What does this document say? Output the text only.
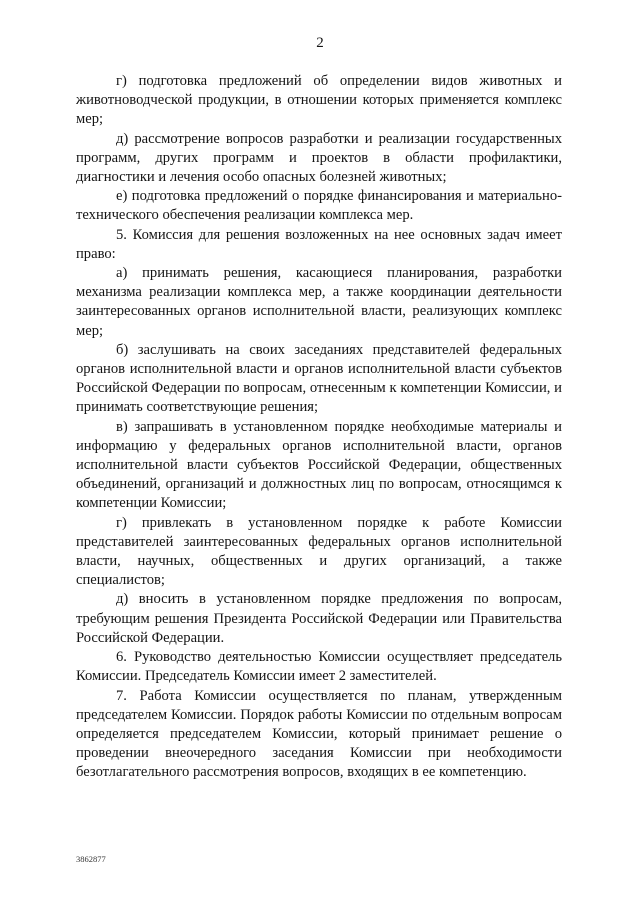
2

г) подготовка предложений об определении видов животных и животноводческой продукции, в отношении которых применяется комплекс мер;

д) рассмотрение вопросов разработки и реализации государственных программ, других программ и проектов в области профилактики, диагностики и лечения особо опасных болезней животных;

е) подготовка предложений о порядке финансирования и материально-технического обеспечения реализации комплекса мер.

5. Комиссия для решения возложенных на нее основных задач имеет право:

а) принимать решения, касающиеся планирования, разработки механизма реализации комплекса мер, а также координации деятельности заинтересованных органов исполнительной власти, реализующих комплекс мер;

б) заслушивать на своих заседаниях представителей федеральных органов исполнительной власти и органов исполнительной власти субъектов Российской Федерации по вопросам, отнесенным к компетенции Комиссии, и принимать соответствующие решения;

в) запрашивать в установленном порядке необходимые материалы и информацию у федеральных органов исполнительной власти, органов исполнительной власти субъектов Российской Федерации, общественных объединений, организаций и должностных лиц по вопросам, относящимся к компетенции Комиссии;

г) привлекать в установленном порядке к работе Комиссии представителей заинтересованных федеральных органов исполнительной власти, научных, общественных и других организаций, а также специалистов;

д) вносить в установленном порядке предложения по вопросам, требующим решения Президента Российской Федерации или Правительства Российской Федерации.

6. Руководство деятельностью Комиссии осуществляет председатель Комиссии. Председатель Комиссии имеет 2 заместителей.

7. Работа Комиссии осуществляется по планам, утвержденным председателем Комиссии. Порядок работы Комиссии по отдельным вопросам определяется председателем Комиссии, который принимает решение о проведении внеочередного заседания Комиссии при необходимости безотлагательного рассмотрения вопросов, входящих в ее компетенцию.

3862877
